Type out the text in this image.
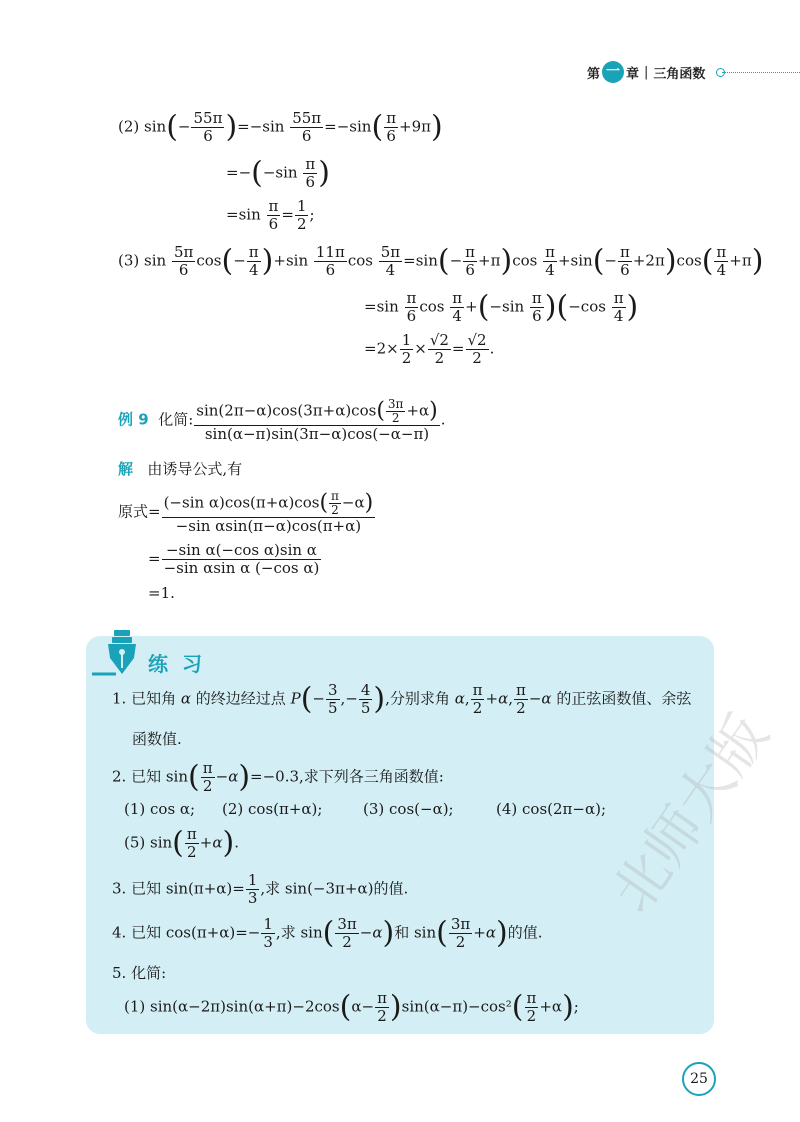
第 一 章 | 三角函数
(2) $\sin(- \frac{55\pi}{6} )=-\sin \frac{55\pi}{6} =-\sin( \frac{\pi}{6} +9\pi)$
$=-(-\sin \frac{\pi}{6}$ )
$=\sin \frac{\pi}{6} = \frac{1}{2}$ ;
(3) $\sin \frac{5\pi}{6} \cos(- \frac{\pi}{4} )+\sin \frac{11\pi}{6}$ $\cos \frac{5\pi}{4} =\sin(- \frac{\pi}{6} +\pi)\cos \frac{\pi}{4} +\sin(- \frac{\pi}{6} +2\pi)\cos( \frac{\pi}{4} +\pi)$
$=\sin \frac{\pi}{6}$ $\cos \frac{\pi}{4} +(-\sin \frac{\pi}{6} )(-\cos \frac{\pi}{4}$ )
$=2\times \frac{1}{2} \times \frac{√2}{2} = \frac{√2}{2}$ .
例 9 化简: $\frac{\sin(2\pi-\alpha)\cos(3\pi+\alpha)\cos( \frac{3\pi}{2} +\alpha)}{\sin(\alpha-\pi)\sin(3\pi-\alpha)\cos(-\alpha-\pi)}$ .
解 由诱导公式,有
原式= $\frac{(-\sin \alpha)\cos(\pi+\alpha)\cos( \frac{\pi}{2} -\alpha)}{\text{−sin αsin(π−α)cos(π+α)}}$
= $\frac{\text{−sin α(−cos α)sin α}}{\text{−sin αsin α (−cos α)}}$
=1.
练习
1. 已知角 α 的终边经过点 $P(- \frac{3}{5}$ ,− $\frac{4}{5}$ ),分别求角 α, $\frac{\pi}{2} +\alpha$, $\frac{\pi}{2} -\alpha$ 的正弦函数值、余弦
函数值.
2. 已知 $\sin( \frac{\pi}{2} -\alpha)=-0.3$,求下列各三角函数值:
(1) cos α; (2) cos(π+α);	(3) cos(−α);	(4) cos(2π−α);
(5) $\sin( \frac{\pi}{2} +\alpha)$.
3. 已知 $\sin(\pi+\alpha)= \frac{1}{3}$ ,求 sin(−3π+α)的值.
4. 已知 $\cos(\pi+\alpha)=- \frac{1}{3}$ ,求 $\sin( \frac{3\pi}{2} -\alpha)$和 $\sin( \frac{3\pi}{2} +\alpha)$的值.
5. 化简:
(1) $\sin(\alpha-2\pi)\sin(\alpha+\pi)-2\cos(\alpha- \frac{\pi}{2} )\sin(\alpha-\pi)-\cos^2( \frac{\pi}{2} +\alpha)$;
北师大版
25
